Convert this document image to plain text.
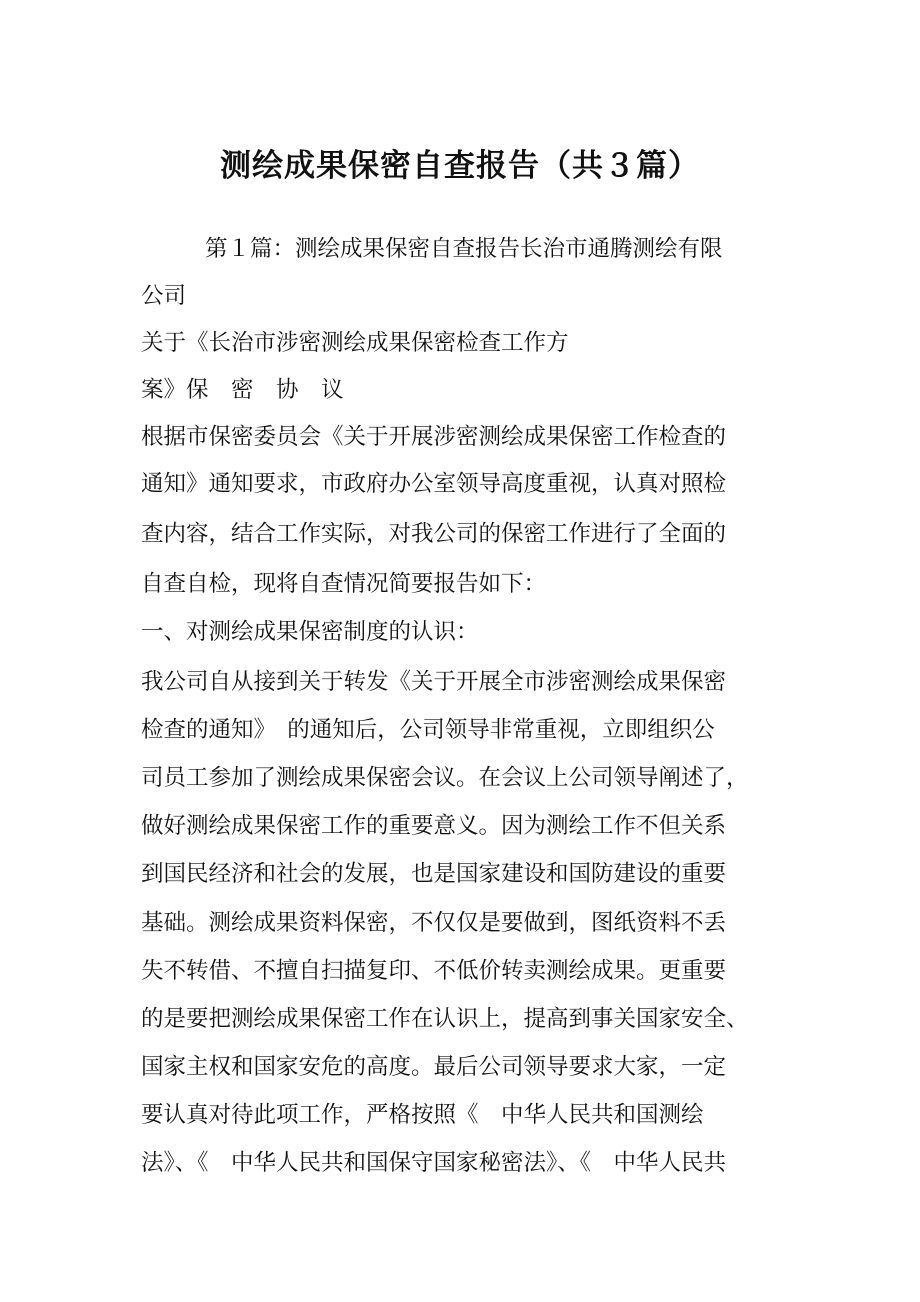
测绘成果保密自查报告（共３篇）
第１篇：测绘成果保密自查报告长治市通腾测绘有限
公司
关于《长治市涉密测绘成果保密检查工作方
案》保　密　协　议
根据市保密委员会《关于开展涉密测绘成果保密工作检查的
通知》通知要求，市政府办公室领导高度重视，认真对照检
查内容，结合工作实际，对我公司的保密工作进行了全面的
自查自检，现将自查情况简要报告如下：
一、对测绘成果保密制度的认识：
我公司自从接到关于转发《关于开展全市涉密测绘成果保密
检查的通知》　的通知后，公司领导非常重视，立即组织公
司员工参加了测绘成果保密会议。在会议上公司领导阐述了，
做好测绘成果保密工作的重要意义。因为测绘工作不但关系
到国民经济和社会的发展，也是国家建设和国防建设的重要
基础。测绘成果资料保密，不仅仅是要做到，图纸资料不丢
失不转借、不擅自扫描复印、不低价转卖测绘成果。更重要
的是要把测绘成果保密工作在认识上，提高到事关国家安全、
国家主权和国家安危的高度。最后公司领导要求大家，一定
要认真对待此项工作，严格按照《　中华人民共和国测绘
法》、《　中华人民共和国保守国家秘密法》、《　中华人民共
